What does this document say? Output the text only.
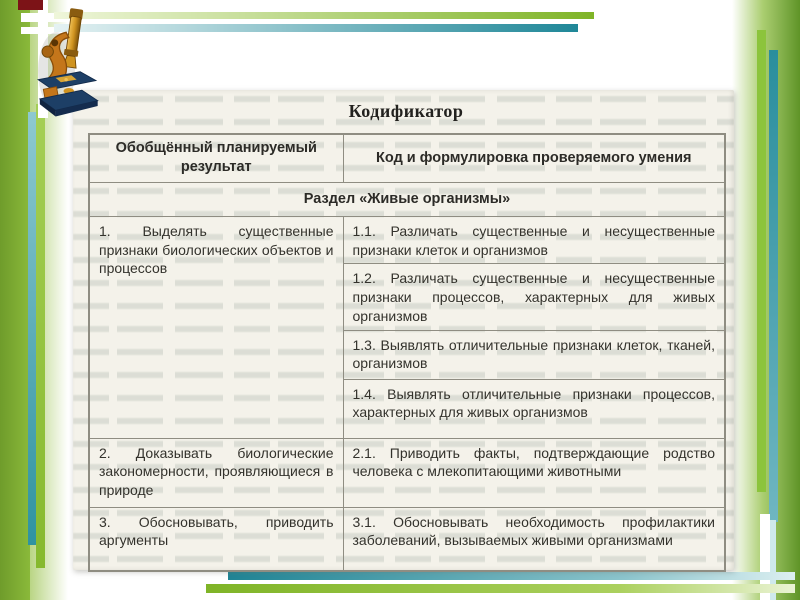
Кодификатор
Обобщённый планируемый результат	Код и формулировка проверяемого умения
Раздел «Живые организмы»	
1. Выделять существенные признаки биологических объектов и процессов	1.1. Различать существенные и несущественные признаки клеток и организмов
	1.2. Различать существенные и несущественные признаки процессов, характерных для живых организмов
	1.3. Выявлять отличительные признаки клеток, тканей, организмов
	1.4. Выявлять отличительные признаки процессов, характерных для живых организмов
2. Доказывать биологические закономерности, проявляющиеся в природе	2.1. Приводить факты, подтверждающие родство человека с млекопитающими животными
3. Обосновывать, приводить аргументы	3.1. Обосновывать необходимость профилактики заболеваний, вызываемых живыми организмами
